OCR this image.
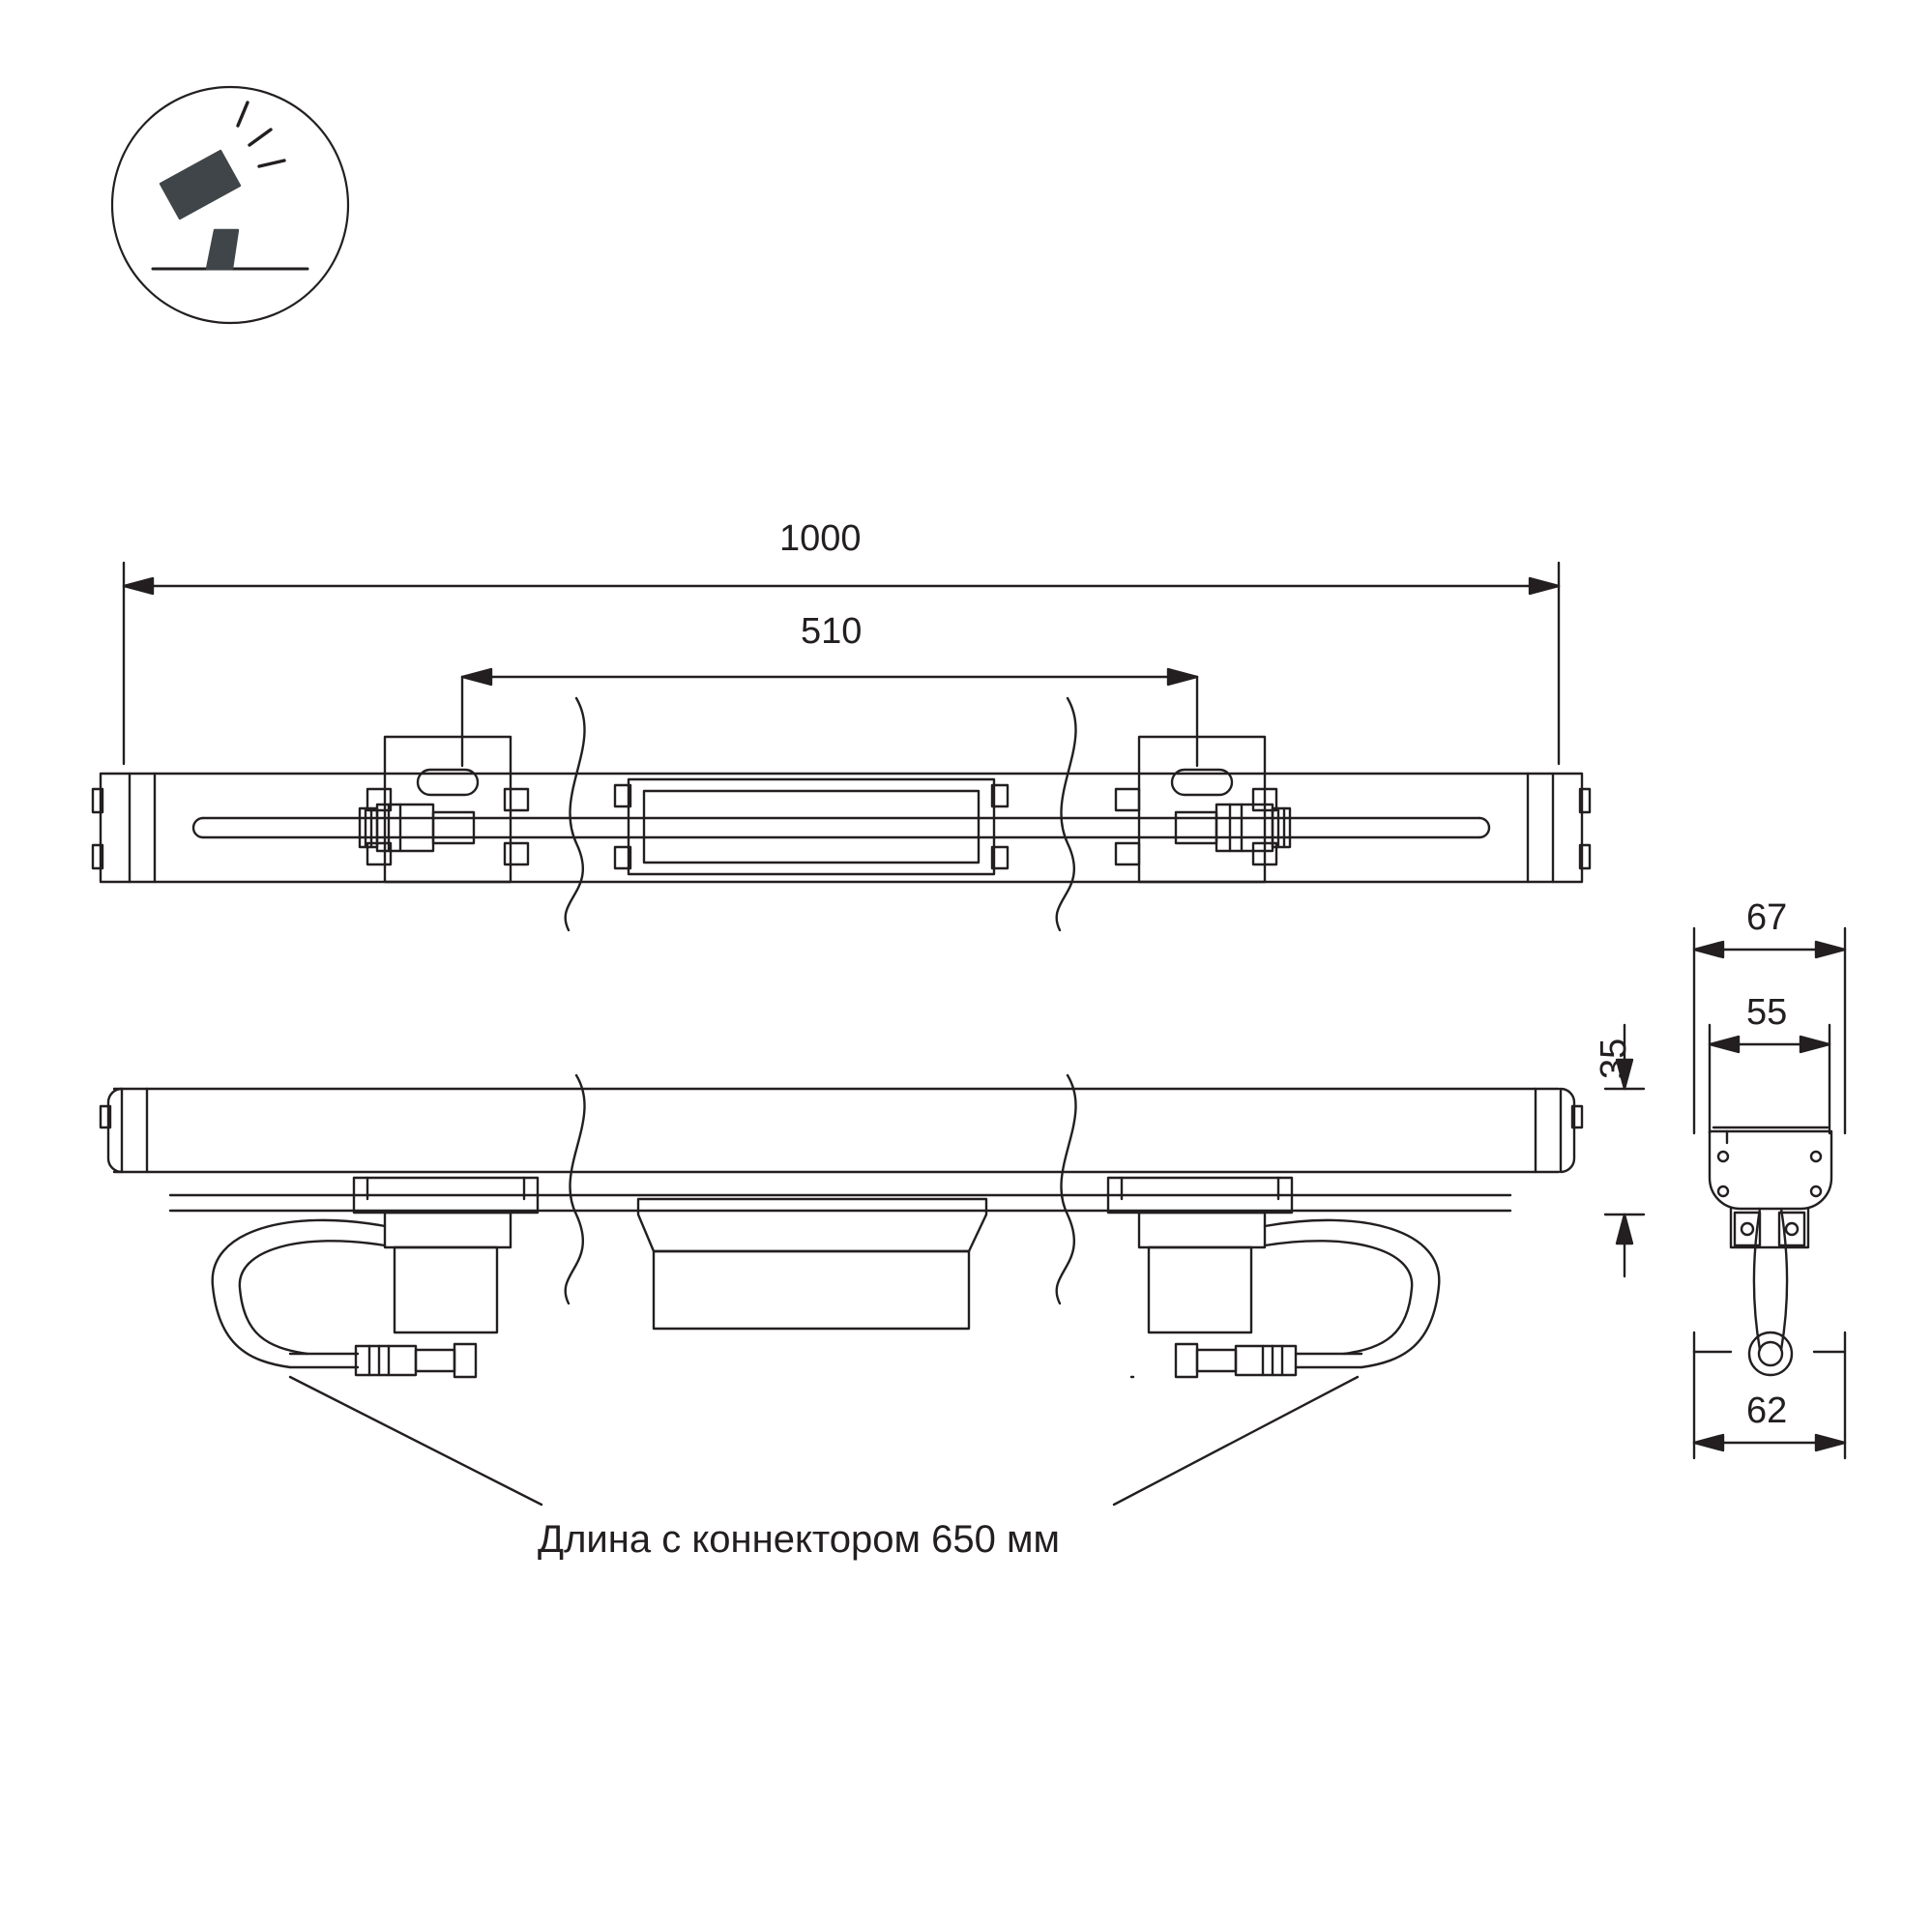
1000
510
35
67
55
62
Длина с коннектором 650 мм
